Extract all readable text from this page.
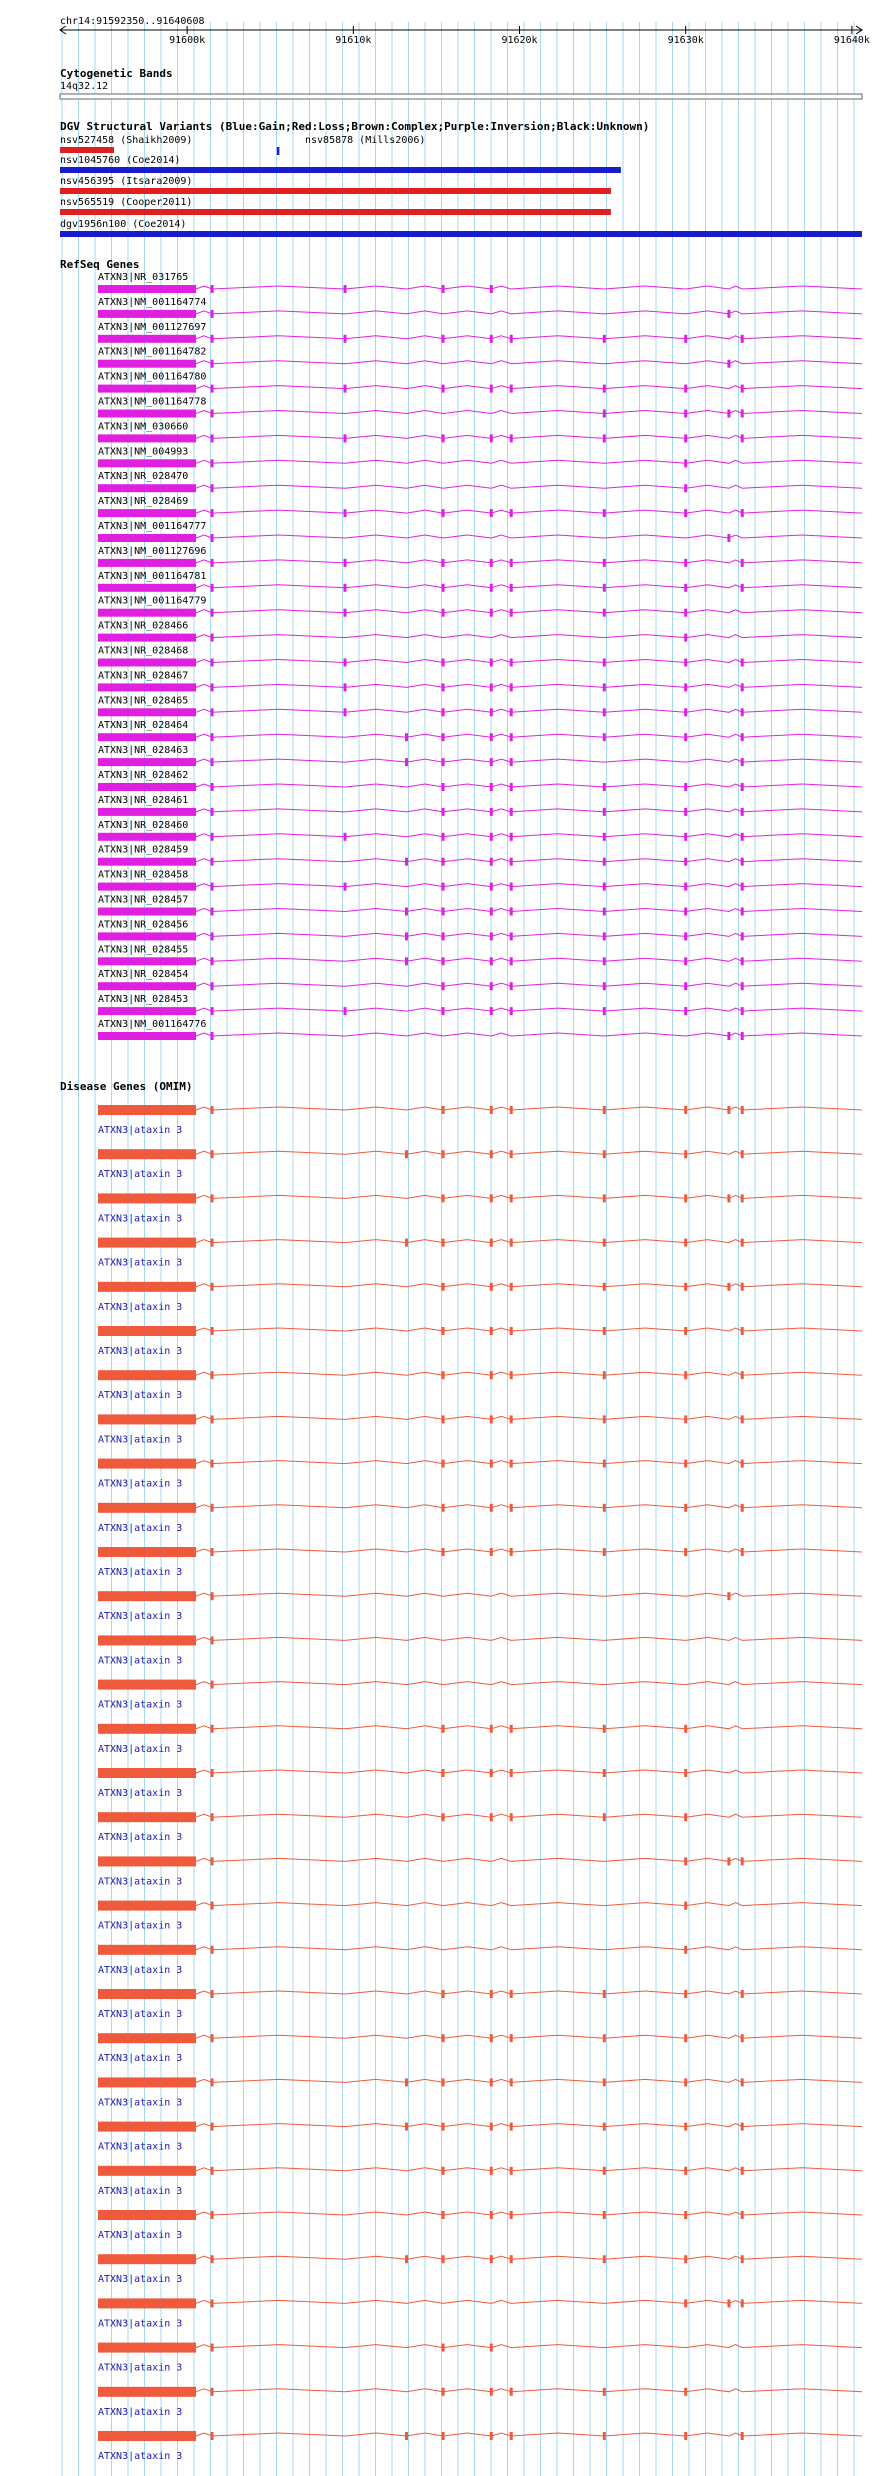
chr14:91592350..91640608
91600k	91610k	91620k	91630k	91640k
Cytogenetic Bands
14q32.12
DGV Structural Variants (Blue:Gain;Red:Loss;Brown:Complex;Purple:Inversion;Black:Unknown)
nsv527458 (Shaikh2009)	nsv85878 (Mills2006)
nsv1045760 (Coe2014)
nsv456395 (Itsara2009)
nsv565519 (Cooper2011)
dgv1956n100 (Coe2014)
RefSeq Genes
ATXN3|NR_031765
ATXN3|NM_001164774
ATXN3|NM_001127697
ATXN3|NM_001164782
ATXN3|NM_001164780
ATXN3|NM_001164778
ATXN3|NM_030660
ATXN3|NM_004993
ATXN3|NR_028470
ATXN3|NR_028469
ATXN3|NM_001164777
ATXN3|NM_001127696
ATXN3|NM_001164781
ATXN3|NM_001164779
ATXN3|NR_028466
ATXN3|NR_028468
ATXN3|NR_028467
ATXN3|NR_028465
ATXN3|NR_028464
ATXN3|NR_028463
ATXN3|NR_028462
ATXN3|NR_028461
ATXN3|NR_028460
ATXN3|NR_028459
ATXN3|NR_028458
ATXN3|NR_028457
ATXN3|NR_028456
ATXN3|NR_028455
ATXN3|NR_028454
ATXN3|NR_028453
ATXN3|NM_001164776
Disease Genes (OMIM)
ATXN3|ataxin 3
ATXN3|ataxin 3
ATXN3|ataxin 3
ATXN3|ataxin 3
ATXN3|ataxin 3
ATXN3|ataxin 3
ATXN3|ataxin 3
ATXN3|ataxin 3
ATXN3|ataxin 3
ATXN3|ataxin 3
ATXN3|ataxin 3
ATXN3|ataxin 3
ATXN3|ataxin 3
ATXN3|ataxin 3
ATXN3|ataxin 3
ATXN3|ataxin 3
ATXN3|ataxin 3
ATXN3|ataxin 3
ATXN3|ataxin 3
ATXN3|ataxin 3
ATXN3|ataxin 3
ATXN3|ataxin 3
ATXN3|ataxin 3
ATXN3|ataxin 3
ATXN3|ataxin 3
ATXN3|ataxin 3
ATXN3|ataxin 3
ATXN3|ataxin 3
ATXN3|ataxin 3
ATXN3|ataxin 3
ATXN3|ataxin 3
